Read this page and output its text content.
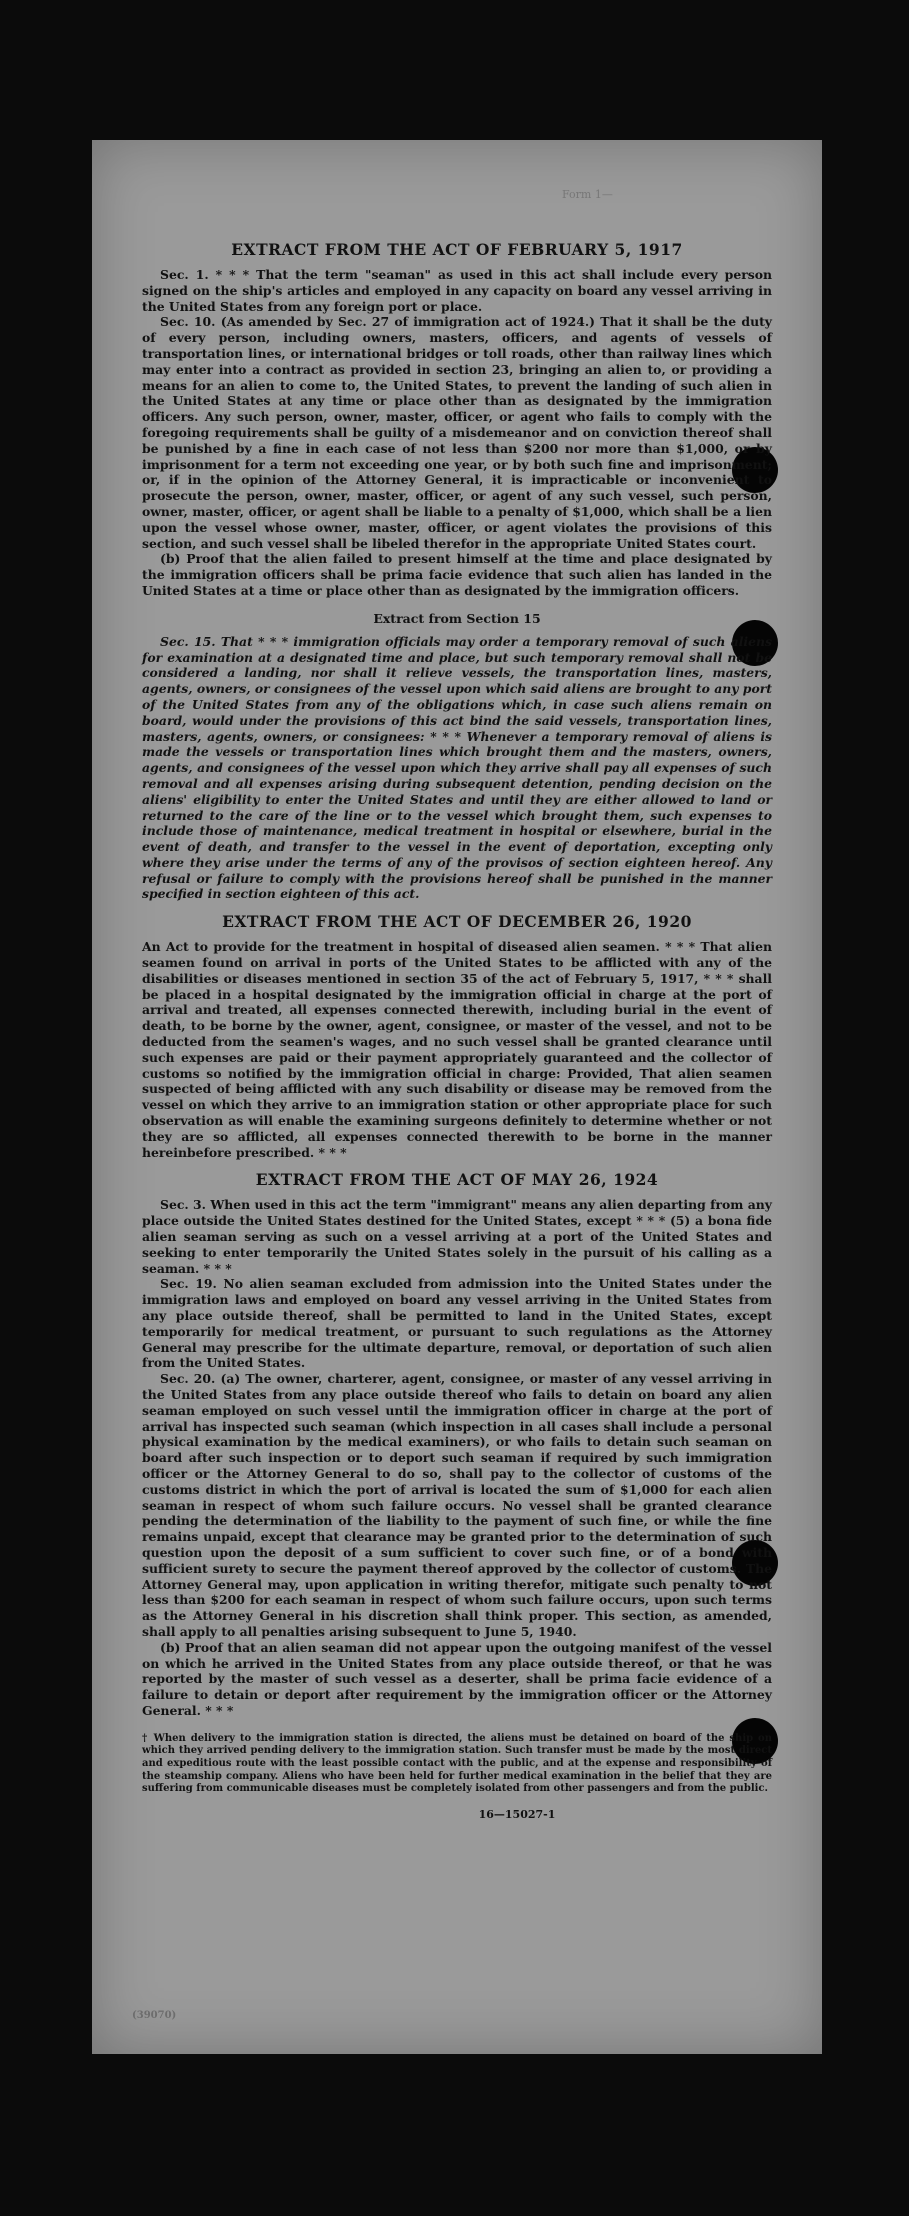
Form 1—
EXTRACT FROM THE ACT OF FEBRUARY 5, 1917

Sec. 1. * * * That the term "seaman" as used in this act shall include every person signed on the ship's articles and employed in any capacity on board any vessel arriving in the United States from any foreign port or place.

Sec. 10. (As amended by Sec. 27 of immigration act of 1924.) That it shall be the duty of every person, including owners, masters, officers, and agents of vessels of transportation lines, or international bridges or toll roads, other than railway lines which may enter into a contract as provided in section 23, bringing an alien to, or providing a means for an alien to come to, the United States, to prevent the landing of such alien in the United States at any time or place other than as designated by the immigration officers. Any such person, owner, master, officer, or agent who fails to comply with the foregoing requirements shall be guilty of a misdemeanor and on conviction thereof shall be punished by a fine in each case of not less than $200 nor more than $1,000, or by imprisonment for a term not exceeding one year, or by both such fine and imprisonment; or, if in the opinion of the Attorney General, it is impracticable or inconvenient to prosecute the person, owner, master, officer, or agent of any such vessel, such person, owner, master, officer, or agent shall be liable to a penalty of $1,000, which shall be a lien upon the vessel whose owner, master, officer, or agent violates the provisions of this section, and such vessel shall be libeled therefor in the appropriate United States court.

(b) Proof that the alien failed to present himself at the time and place designated by the immigration officers shall be prima facie evidence that such alien has landed in the United States at a time or place other than as designated by the immigration officers.

Extract from Section 15

Sec. 15. That * * * immigration officials may order a temporary removal of such aliens for examination at a designated time and place, but such temporary removal shall not be considered a landing, nor shall it relieve vessels, the transportation lines, masters, agents, owners, or consignees of the vessel upon which said aliens are brought to any port of the United States from any of the obligations which, in case such aliens remain on board, would under the provisions of this act bind the said vessels, transportation lines, masters, agents, owners, or consignees: * * * Whenever a temporary removal of aliens is made the vessels or transportation lines which brought them and the masters, owners, agents, and consignees of the vessel upon which they arrive shall pay all expenses of such removal and all expenses arising during subsequent detention, pending decision on the aliens' eligibility to enter the United States and until they are either allowed to land or returned to the care of the line or to the vessel which brought them, such expenses to include those of maintenance, medical treatment in hospital or elsewhere, burial in the event of death, and transfer to the vessel in the event of deportation, excepting only where they arise under the terms of any of the provisos of section eighteen hereof. Any refusal or failure to comply with the provisions hereof shall be punished in the manner specified in section eighteen of this act.

EXTRACT FROM THE ACT OF DECEMBER 26, 1920

An Act to provide for the treatment in hospital of diseased alien seamen. * * * That alien seamen found on arrival in ports of the United States to be afflicted with any of the disabilities or diseases mentioned in section 35 of the act of February 5, 1917, * * * shall be placed in a hospital designated by the immigration official in charge at the port of arrival and treated, all expenses connected therewith, including burial in the event of death, to be borne by the owner, agent, consignee, or master of the vessel, and not to be deducted from the seamen's wages, and no such vessel shall be granted clearance until such expenses are paid or their payment appropriately guaranteed and the collector of customs so notified by the immigration official in charge: Provided, That alien seamen suspected of being afflicted with any such disability or disease may be removed from the vessel on which they arrive to an immigration station or other appropriate place for such observation as will enable the examining surgeons definitely to determine whether or not they are so afflicted, all expenses connected therewith to be borne in the manner hereinbefore prescribed. * * *

EXTRACT FROM THE ACT OF MAY 26, 1924

Sec. 3. When used in this act the term "immigrant" means any alien departing from any place outside the United States destined for the United States, except * * * (5) a bona fide alien seaman serving as such on a vessel arriving at a port of the United States and seeking to enter temporarily the United States solely in the pursuit of his calling as a seaman. * * *

Sec. 19. No alien seaman excluded from admission into the United States under the immigration laws and employed on board any vessel arriving in the United States from any place outside thereof, shall be permitted to land in the United States, except temporarily for medical treatment, or pursuant to such regulations as the Attorney General may prescribe for the ultimate departure, removal, or deportation of such alien from the United States.

Sec. 20. (a) The owner, charterer, agent, consignee, or master of any vessel arriving in the United States from any place outside thereof who fails to detain on board any alien seaman employed on such vessel until the immigration officer in charge at the port of arrival has inspected such seaman (which inspection in all cases shall include a personal physical examination by the medical examiners), or who fails to detain such seaman on board after such inspection or to deport such seaman if required by such immigration officer or the Attorney General to do so, shall pay to the collector of customs of the customs district in which the port of arrival is located the sum of $1,000 for each alien seaman in respect of whom such failure occurs. No vessel shall be granted clearance pending the determination of the liability to the payment of such fine, or while the fine remains unpaid, except that clearance may be granted prior to the determination of such question upon the deposit of a sum sufficient to cover such fine, or of a bond with sufficient surety to secure the payment thereof approved by the collector of customs. The Attorney General may, upon application in writing therefor, mitigate such penalty to not less than $200 for each seaman in respect of whom such failure occurs, upon such terms as the Attorney General in his discretion shall think proper. This section, as amended, shall apply to all penalties arising subsequent to June 5, 1940.

(b) Proof that an alien seaman did not appear upon the outgoing manifest of the vessel on which he arrived in the United States from any place outside thereof, or that he was reported by the master of such vessel as a deserter, shall be prima facie evidence of a failure to detain or deport after requirement by the immigration officer or the Attorney General. * * *

† When delivery to the immigration station is directed, the aliens must be detained on board of the ship on which they arrived pending delivery to the immigration station. Such transfer must be made by the most direct and expeditious route with the least possible contact with the public, and at the expense and responsibility of the steamship company. Aliens who have been held for further medical examination in the belief that they are suffering from communicable diseases must be completely isolated from other passengers and from the public.

16—15027-1
(39070)
